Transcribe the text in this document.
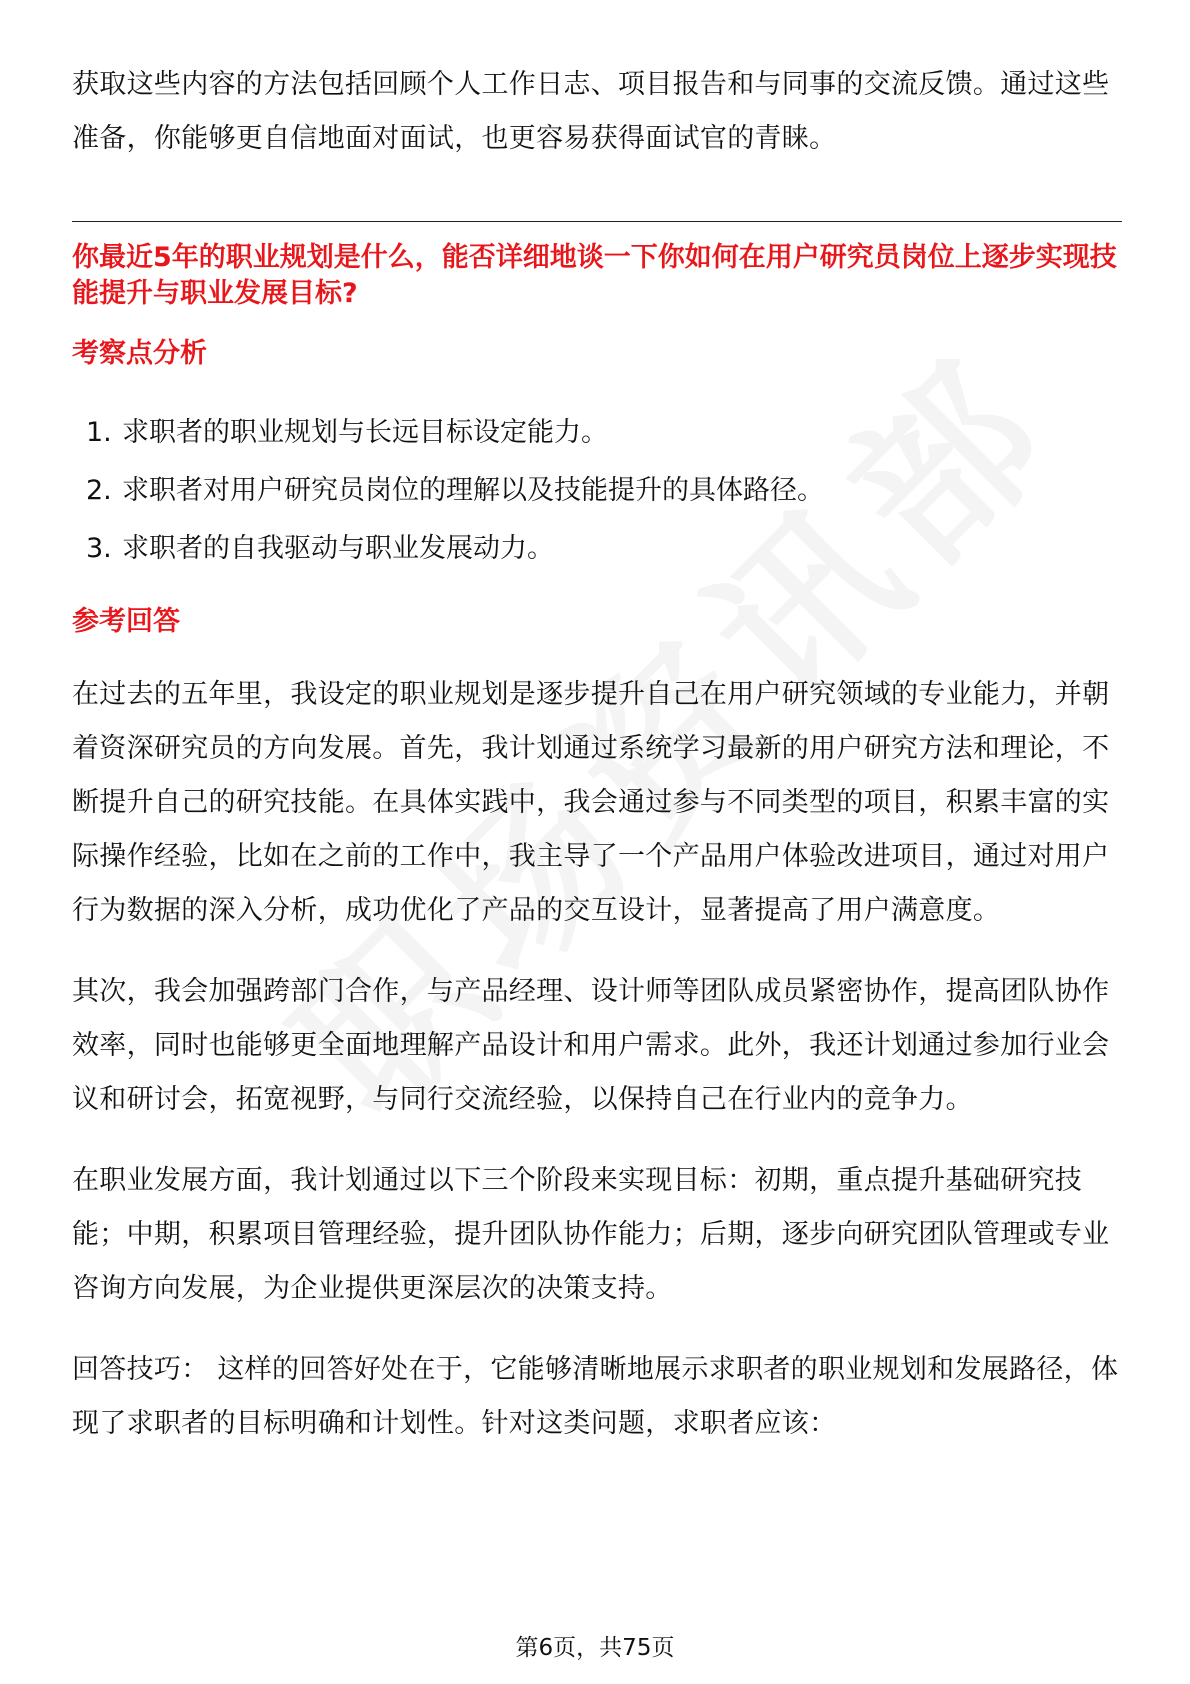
获取这些内容的方法包括回顾个人工作日志、项目报告和与同事的交流反馈。通过这些准备，你能够更自信地面对面试，也更容易获得面试官的青睐。

你最近5年的职业规划是什么，能否详细地谈一下你如何在用户研究员岗位上逐步实现技能提升与职业发展目标?

考察点分析

1. 求职者的职业规划与长远目标设定能力。
2. 求职者对用户研究员岗位的理解以及技能提升的具体路径。
3. 求职者的自我驱动与职业发展动力。

参考回答

在过去的五年里，我设定的职业规划是逐步提升自己在用户研究领域的专业能力，并朝着资深研究员的方向发展。首先，我计划通过系统学习最新的用户研究方法和理论，不断提升自己的研究技能。在具体实践中，我会通过参与不同类型的项目，积累丰富的实际操作经验，比如在之前的工作中，我主导了一个产品用户体验改进项目，通过对用户行为数据的深入分析，成功优化了产品的交互设计，显著提高了用户满意度。

其次，我会加强跨部门合作，与产品经理、设计师等团队成员紧密协作，提高团队协作效率，同时也能够更全面地理解产品设计和用户需求。此外，我还计划通过参加行业会议和研讨会，拓宽视野，与同行交流经验，以保持自己在行业内的竞争力。

在职业发展方面，我计划通过以下三个阶段来实现目标：初期，重点提升基础研究技能；中期，积累项目管理经验，提升团队协作能力；后期，逐步向研究团队管理或专业咨询方向发展，为企业提供更深层次的决策支持。

回答技巧： 这样的回答好处在于，它能够清晰地展示求职者的职业规划和发展路径，体现了求职者的目标明确和计划性。针对这类问题，求职者应该：

第6页，共75页
